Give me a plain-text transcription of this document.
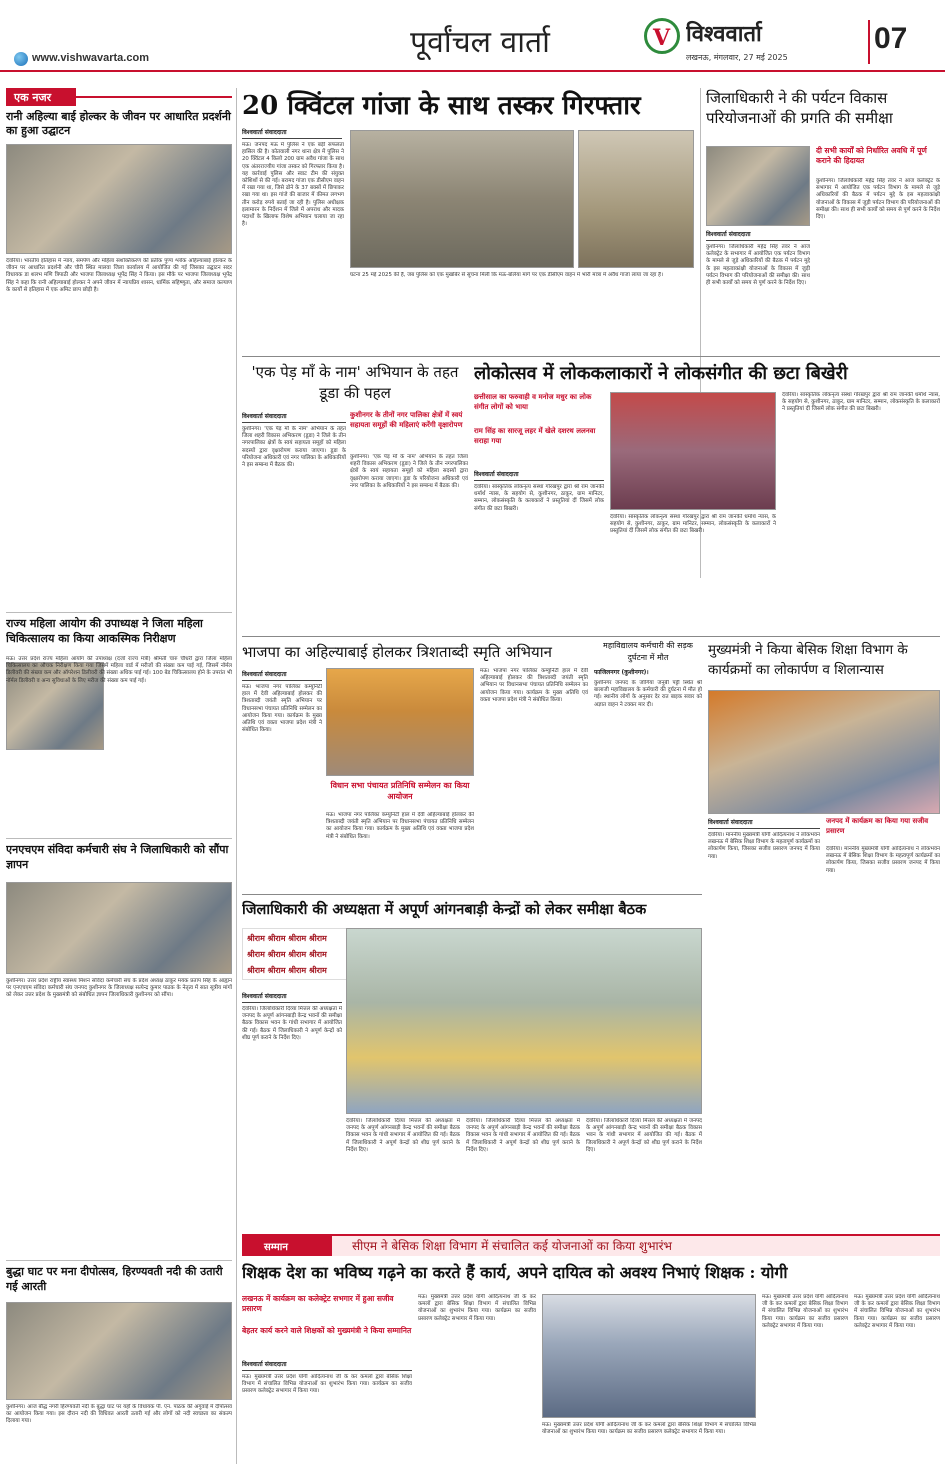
www.vishwavarta.com	पूर्वांचल वार्ता	V विश्ववार्ता
लखनऊ, मंगलवार, 27 मई 2025
07
एक नजर
रानी अहिल्या बाई होल्कर के जीवन पर आधारित प्रदर्शनी का हुआ उद्घाटन
देवरिया। भारतीय इतिहास में न्याय, समर्पण और महिला सशक्तिकरण की प्रतीक पुण्य श्लोक अहिल्याबाई होल्कर के जीवन पर आधारित प्रदर्शनी और चौरी स्थित मालवा जिला कार्यालय में आयोजित की गई जिसका उद्घाटन सदर विधायक डा शलभ मणि त्रिपाठी और भाजपा जिलाध्यक्ष भूपेंद्र सिंह ने किया। इस मौके पर भाजपा जिलाध्यक्ष भूपेंद्र सिंह ने कहा कि रानी अहिल्याबाई होल्कर ने अपने जीवन में न्यायप्रिय शासन, धार्मिक सहिष्णुता, और समाज कल्याण के कार्यों से इतिहास में एक अमिट छाप छोड़ी है।
राज्य महिला आयोग की उपाध्यक्ष ने जिला महिला चिकित्सालय का किया आकस्मिक निरीक्षण
मऊ। उत्तर प्रदेश राज्य महिला आयोग की उपाध्यक्ष (दर्जा राज्य मंत्री) श्रीमती चारु चौधरी द्वारा जिला महिला चिकित्सालय का औचक निरीक्षण किया गया जिसमें महिला वार्ड में मरीजों की संख्या कम पाई गई, जिसमें नॉर्मल डिलीवरी की संख्या कम और ऑपरेशन डिलीवरी की संख्या अधिक पाई गई। 100 बेड चिकित्सालय होने के उपरांत भी नॉर्मल डिलीवरी व अन्य सुविधाओं के लिए मरीज की संख्या कम पाई गई।
एनएचएम संविदा कर्मचारी संघ ने जिलाधिकारी को सौंपा ज्ञापन
कुशीनगर। उत्तर प्रदेश राष्ट्रीय स्वास्थ्य मिशन संविदा कर्मचारी संघ के प्रदेश अध्यक्ष ठाकुर मयंक प्रताप सिंह के आह्वान पर एनएचएम संविदा कर्मचारी संघ जनपद कुशीनगर के जिलाध्यक्ष सत्येन्द्र कुमार पाठक के नेतृत्व में सात सूत्रीय मांगों को लेकर उत्तर प्रदेश के मुख्यमंत्री को संबोधित ज्ञापन जिलाधिकारी कुशीनगर को सौंपा।
बुद्धा घाट पर मना दीपोत्सव, हिरण्यवती नदी की उतारी गई आरती
कुशीनगर। आज बौद्ध नगरी हिरण्यवती नदी के बुद्धा घाट पर यहाँ के विधायक पी. एन. पाठक की अगुवाई में दीपोत्सव का आयोजन किया गया। इस दौरान नदी की विधिवत आरती उतारी गई और लोगों को नदी स्वच्छता का संकल्प दिलाया गया।
20 क्विंटल गांजा के साथ तस्कर गिरफ्तार
विश्ववार्ता संवाददाता
मऊ। जनपद मऊ में पुलिस ने एक बड़ी सफलता हासिल की है। कोतवाली नगर थाना क्षेत्र में पुलिस ने 20 क्विंटल 4 किलो 200 ग्राम अवैध गांजा के साथ एक अंतरराज्यीय गांजा तस्कर को गिरफ्तार किया है। यह कार्रवाई पुलिस और स्वाट टीम की संयुक्त कोशिशों से की गई। बरामद गांजा एक डीसीएम वाहन में रखा गया था, जिसे ढोने के 37 बक्सों में छिपाकर रखा गया था। इस गांजे की बाजार में कीमत लगभग तीन करोड़ रुपये बताई जा रही है। पुलिस अधीक्षक इलामारन के निर्देशन में जिले में अपराध और मादक पदार्थों के खिलाफ विशेष अभियान चलाया जा रहा है।
घटना 25 मई 2025 की है, जब पुलिस को एक मुखबिर से सूचना मिली कि मऊ-बलिया मार्ग पर एक डीसीएम वाहन में भारी मात्रा में अवैध गांजा लाया जा रहा है।
जिलाधिकारी ने की पर्यटन विकास परियोजनाओं की प्रगति की समीक्षा
विश्ववार्ता संवाददाता
कुशीनगर। जिलाधिकारी महेंद्र सिंह तंवर ने आज कलेक्ट्रेट के सभागार में आयोजित एक पर्यटन विभाग के मामले से जुड़े अधिकारियों की बैठक में पर्यटन मुद्दे के इस महत्वाकांक्षी योजनाओं के विकास में जुड़ी पर्यटन विभाग की परियोजनाओं की समीक्षा की। साथ ही सभी कार्यों को समय से पूर्ण करने के निर्देश दिए।
दी सभी कार्यों को निर्धारित अवधि में पूर्ण कराने की हिदायत
कुशीनगर। जिलाधिकारी महेंद्र सिंह तंवर ने आज कलेक्ट्रेट के सभागार में आयोजित एक पर्यटन विभाग के मामले से जुड़े अधिकारियों की बैठक में पर्यटन मुद्दे के इस महत्वाकांक्षी योजनाओं के विकास में जुड़ी पर्यटन विभाग की परियोजनाओं की समीक्षा की। साथ ही सभी कार्यों को समय से पूर्ण करने के निर्देश दिए।
'एक पेड़ माँ के नाम' अभियान के तहत डूडा की पहल
विश्ववार्ता संवाददाता	कुशीनगर के तीनों नगर पालिका क्षेत्रों में स्वयं सहायता समूहों की महिलाएं करेंगी वृक्षारोपण
कुशीनगर। 'एक पेड़ माँ के नाम' अभियान के तहत जिला शहरी विकास अभिकरण (डूडा) ने जिले के तीन नगरपालिका क्षेत्रों के स्वयं सहायता समूहों को महिला सदस्यों द्वारा वृक्षारोपण कराया जाएगा। डूडा के परियोजना अधिकारी एवं नगर पालिका के अधिकारियों ने इस सम्बन्ध में बैठक की।
कुशीनगर। 'एक पेड़ माँ के नाम' अभियान के तहत जिला शहरी विकास अभिकरण (डूडा) ने जिले के तीन नगरपालिका क्षेत्रों के स्वयं सहायता समूहों को महिला सदस्यों द्वारा वृक्षारोपण कराया जाएगा। डूडा के परियोजना अधिकारी एवं नगर पालिका के अधिकारियों ने इस सम्बन्ध में बैठक की।
लोकोत्सव में लोककलाकारों ने लोकसंगीत की छटा बिखेरी
छत्तीसाल का फरुवाही व मनोज मधुर का लोक संगीत लोगों को भाया
राम सिंह का सारजू लहर में खेले दशरथ ललनवा सराहा गया
विश्ववार्ता संवाददाता
देवरिया। सांस्कृतिक लोकनृत्य संस्था गोरखपुर द्वारा श्री राम जानकी धर्मार्थ न्यास, के सहयोग से, कुशीनगर, ठाकुर, ग्राम मानिटर, सम्मान, लोकसंस्कृति के कलाकारों ने प्रस्तुतियां दीं जिसमें लोक संगीत की छटा बिखरी।
देवरिया। सांस्कृतिक लोकनृत्य संस्था गोरखपुर द्वारा श्री राम जानकी धर्मार्थ न्यास, के सहयोग से, कुशीनगर, ठाकुर, ग्राम मानिटर, सम्मान, लोकसंस्कृति के कलाकारों ने प्रस्तुतियां दीं जिसमें लोक संगीत की छटा बिखरी।
देवरिया। सांस्कृतिक लोकनृत्य संस्था गोरखपुर द्वारा श्री राम जानकी धर्मार्थ न्यास, के सहयोग से, कुशीनगर, ठाकुर, ग्राम मानिटर, सम्मान, लोकसंस्कृति के कलाकारों ने प्रस्तुतियां दीं जिसमें लोक संगीत की छटा बिखरी।
भाजपा का अहिल्याबाई होलकर त्रिशताब्दी स्मृति अभियान
विश्ववार्ता संवाददाता
मऊ। भाजपा नगर पालिका कम्युनिटी हाल में देवी अहिल्याबाई होलकर की त्रिशताब्दी जयंती स्मृति अभियान पर विधानसभा पंचायत प्रतिनिधि सम्मेलन का आयोजन किया गया। कार्यक्रम के मुख्य अतिथि एवं वक्ता भाजपा प्रदेश मंत्री ने संबोधित किया।
विधान सभा पंचायत प्रतिनिधि सम्मेलन का किया आयोजन
मऊ। भाजपा नगर पालिका कम्युनिटी हाल में देवी अहिल्याबाई होलकर की त्रिशताब्दी जयंती स्मृति अभियान पर विधानसभा पंचायत प्रतिनिधि सम्मेलन का आयोजन किया गया। कार्यक्रम के मुख्य अतिथि एवं वक्ता भाजपा प्रदेश मंत्री ने संबोधित किया।
मऊ। भाजपा नगर पालिका कम्युनिटी हाल में देवी अहिल्याबाई होलकर की त्रिशताब्दी जयंती स्मृति अभियान पर विधानसभा पंचायत प्रतिनिधि सम्मेलन का आयोजन किया गया। कार्यक्रम के मुख्य अतिथि एवं वक्ता भाजपा प्रदेश मंत्री ने संबोधित किया।
महाविद्यालय कर्मचारी की सड़क दुर्घटना में मौत
फाजिलनगर (कुशीनगर)।
कुशीनगर जनपद के जोगिया जनूबी पट्टी स्थित श्री बालाजी महाविद्यालय के कर्मचारी की दुर्घटना में मौत हो गई। स्थानीय लोगों के अनुसार देर रात बाइक सवार को अज्ञात वाहन ने टक्कर मार दी।
मुख्यमंत्री ने किया बेसिक शिक्षा विभाग के कार्यक्रमों का लोकार्पण व शिलान्यास
विश्ववार्ता संवाददाता	जनपद में कार्यक्रम का किया गया सजीव प्रसारण
देवरिया। माननीय मुख्यमंत्री योगी आदित्यनाथ ने लोकभवन लखनऊ में बेसिक शिक्षा विभाग के महत्वपूर्ण कार्यक्रमों का लोकार्पण किया, जिसका सजीव प्रसारण जनपद में किया गया।
देवरिया। माननीय मुख्यमंत्री योगी आदित्यनाथ ने लोकभवन लखनऊ में बेसिक शिक्षा विभाग के महत्वपूर्ण कार्यक्रमों का लोकार्पण किया, जिसका सजीव प्रसारण जनपद में किया गया।
जिलाधिकारी की अध्यक्षता में अपूर्ण आंगनबाड़ी केन्द्रों को लेकर समीक्षा बैठक
श्रीराम श्रीराम श्रीराम श्रीराम
श्रीराम श्रीराम श्रीराम श्रीराम
श्रीराम श्रीराम श्रीराम श्रीराम
विश्ववार्ता संवाददाता
देवरिया। जिलाधिकारी दिव्या मित्तल की अध्यक्षता में जनपद के अपूर्ण आंगनबाड़ी केन्द्र भवनों की समीक्षा बैठक विकास भवन के गांधी सभागार में आयोजित की गई। बैठक में जिलाधिकारी ने अपूर्ण केन्द्रों को शीघ्र पूर्ण कराने के निर्देश दिए।
देवरिया। जिलाधिकारी दिव्या मित्तल की अध्यक्षता में जनपद के अपूर्ण आंगनबाड़ी केन्द्र भवनों की समीक्षा बैठक विकास भवन के गांधी सभागार में आयोजित की गई। बैठक में जिलाधिकारी ने अपूर्ण केन्द्रों को शीघ्र पूर्ण कराने के निर्देश दिए।
देवरिया। जिलाधिकारी दिव्या मित्तल की अध्यक्षता में जनपद के अपूर्ण आंगनबाड़ी केन्द्र भवनों की समीक्षा बैठक विकास भवन के गांधी सभागार में आयोजित की गई। बैठक में जिलाधिकारी ने अपूर्ण केन्द्रों को शीघ्र पूर्ण कराने के निर्देश दिए।
देवरिया। जिलाधिकारी दिव्या मित्तल की अध्यक्षता में जनपद के अपूर्ण आंगनबाड़ी केन्द्र भवनों की समीक्षा बैठक विकास भवन के गांधी सभागार में आयोजित की गई। बैठक में जिलाधिकारी ने अपूर्ण केन्द्रों को शीघ्र पूर्ण कराने के निर्देश दिए।
सम्मान	सीएम ने बेसिक शिक्षा विभाग में संचालित कई योजनाओं का किया शुभारंभ
शिक्षक देश का भविष्य गढ़ने का करते हैं कार्य, अपने दायित्व को अवश्य निभाएं शिक्षक : योगी
लखनऊ में कार्यक्रम का कलेक्ट्रेट सभगार में हुआ सजीव प्रसारण
बेहतर कार्य करने वाले शिक्षकों को मुख्यमंत्री ने किया सम्मानित
विश्ववार्ता संवाददाता
मऊ। मुख्यमंत्री उत्तर प्रदेश योगी आदित्यनाथ जी के कर कमलों द्वारा बेसिक शिक्षा विभाग में संचालित विभिन्न योजनाओं का शुभारंभ किया गया। कार्यक्रम का सजीव प्रसारण कलेक्ट्रेट सभागार में किया गया।
मऊ। मुख्यमंत्री उत्तर प्रदेश योगी आदित्यनाथ जी के कर कमलों द्वारा बेसिक शिक्षा विभाग में संचालित विभिन्न योजनाओं का शुभारंभ किया गया। कार्यक्रम का सजीव प्रसारण कलेक्ट्रेट सभागार में किया गया।
मऊ। मुख्यमंत्री उत्तर प्रदेश योगी आदित्यनाथ जी के कर कमलों द्वारा बेसिक शिक्षा विभाग में संचालित विभिन्न योजनाओं का शुभारंभ किया गया। कार्यक्रम का सजीव प्रसारण कलेक्ट्रेट सभागार में किया गया।
मऊ। मुख्यमंत्री उत्तर प्रदेश योगी आदित्यनाथ जी के कर कमलों द्वारा बेसिक शिक्षा विभाग में संचालित विभिन्न योजनाओं का शुभारंभ किया गया। कार्यक्रम का सजीव प्रसारण कलेक्ट्रेट सभागार में किया गया।
मऊ। मुख्यमंत्री उत्तर प्रदेश योगी आदित्यनाथ जी के कर कमलों द्वारा बेसिक शिक्षा विभाग में संचालित विभिन्न योजनाओं का शुभारंभ किया गया। कार्यक्रम का सजीव प्रसारण कलेक्ट्रेट सभागार में किया गया।
